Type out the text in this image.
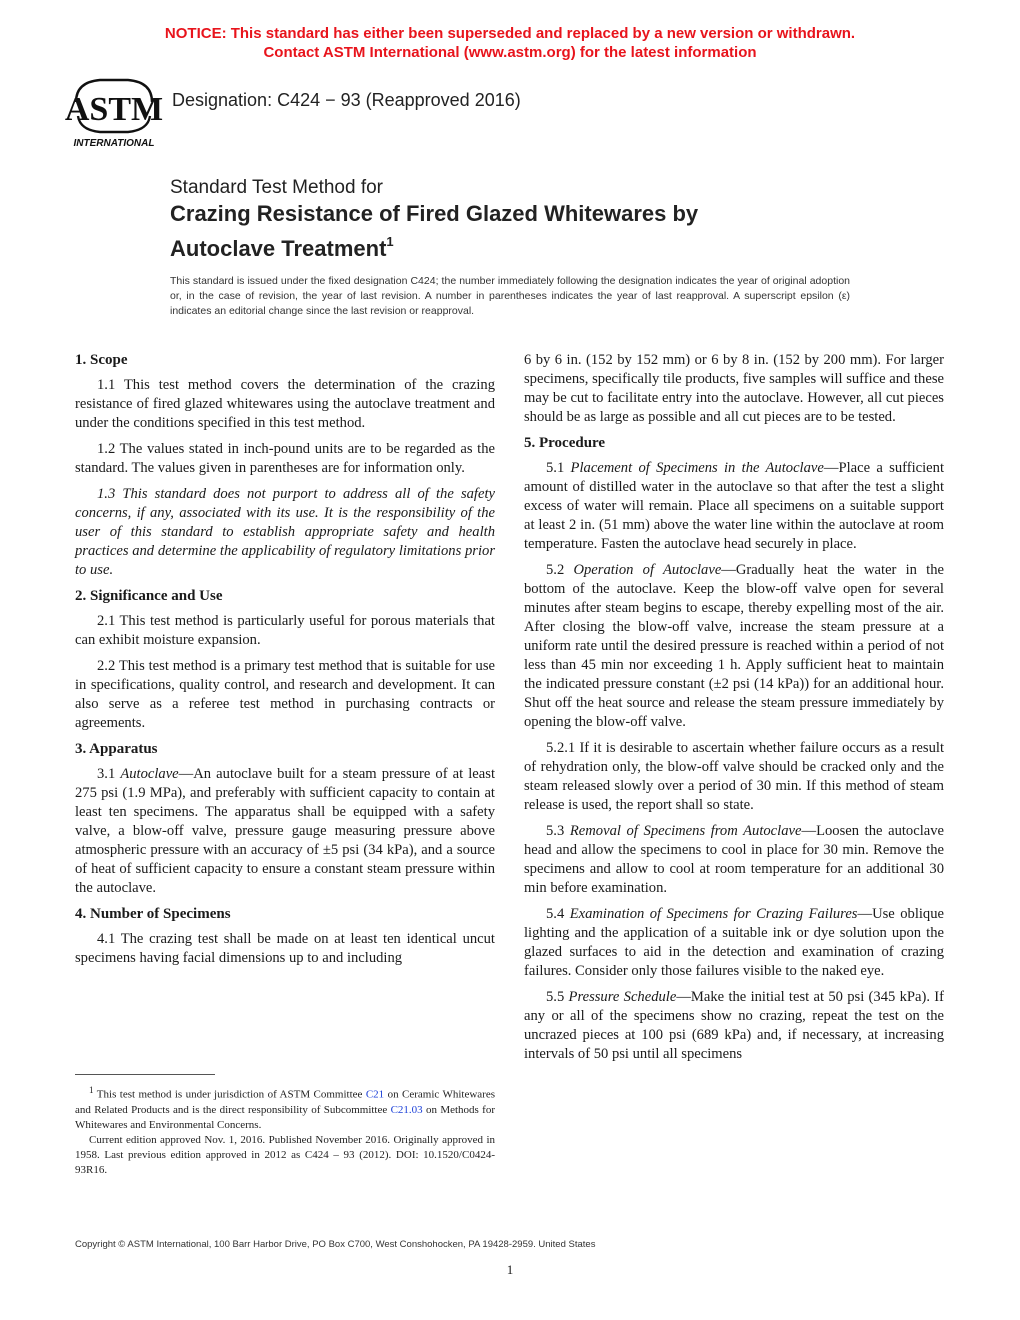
NOTICE: This standard has either been superseded and replaced by a new version or withdrawn.
Contact ASTM International (www.astm.org) for the latest information
ASTM
INTERNATIONAL
Designation: C424 − 93 (Reapproved 2016)
Standard Test Method for
Crazing Resistance of Fired Glazed Whitewares by
Autoclave Treatment$^1$
This standard is issued under the fixed designation C424; the number immediately following the designation indicates the year of original adoption or, in the case of revision, the year of last revision. A number in parentheses indicates the year of last reapproval. A superscript epsilon (ε) indicates an editorial change since the last revision or reapproval.
1. Scope

1.1 This test method covers the determination of the crazing resistance of fired glazed whitewares using the autoclave treatment and under the conditions specified in this test method.

1.2 The values stated in inch-pound units are to be regarded as the standard. The values given in parentheses are for information only.

1.3 This standard does not purport to address all of the safety concerns, if any, associated with its use. It is the responsibility of the user of this standard to establish appropriate safety and health practices and determine the applicability of regulatory limitations prior to use.

2. Significance and Use

2.1 This test method is particularly useful for porous materials that can exhibit moisture expansion.

2.2 This test method is a primary test method that is suitable for use in specifications, quality control, and research and development. It can also serve as a referee test method in purchasing contracts or agreements.

3. Apparatus

3.1 Autoclave—An autoclave built for a steam pressure of at least 275 psi (1.9 MPa), and preferably with sufficient capacity to contain at least ten specimens. The apparatus shall be equipped with a safety valve, a blow-off valve, pressure gauge measuring pressure above atmospheric pressure with an accuracy of ±5 psi (34 kPa), and a source of heat of sufficient capacity to ensure a constant steam pressure within the autoclave.

4. Number of Specimens

4.1 The crazing test shall be made on at least ten identical uncut specimens having facial dimensions up to and including

$^1$ This test method is under jurisdiction of ASTM Committee C21 on Ceramic Whitewares and Related Products and is the direct responsibility of Subcommittee C21.03 on Methods for Whitewares and Environmental Concerns.

Current edition approved Nov. 1, 2016. Published November 2016. Originally approved in 1958. Last previous edition approved in 2012 as C424 – 93 (2012). DOI: 10.1520/C0424-93R16.

6 by 6 in. (152 by 152 mm) or 6 by 8 in. (152 by 200 mm). For larger specimens, specifically tile products, five samples will suffice and these may be cut to facilitate entry into the autoclave. However, all cut pieces should be as large as possible and all cut pieces are to be tested.

5. Procedure

5.1 Placement of Specimens in the Autoclave—Place a sufficient amount of distilled water in the autoclave so that after the test a slight excess of water will remain. Place all specimens on a suitable support at least 2 in. (51 mm) above the water line within the autoclave at room temperature. Fasten the autoclave head securely in place.

5.2 Operation of Autoclave—Gradually heat the water in the bottom of the autoclave. Keep the blow-off valve open for several minutes after steam begins to escape, thereby expelling most of the air. After closing the blow-off valve, increase the steam pressure at a uniform rate until the desired pressure is reached within a period of not less than 45 min nor exceeding 1 h. Apply sufficient heat to maintain the indicated pressure constant (±2 psi (14 kPa)) for an additional hour. Shut off the heat source and release the steam pressure immediately by opening the blow-off valve.

5.2.1 If it is desirable to ascertain whether failure occurs as a result of rehydration only, the blow-off valve should be cracked only and the steam released slowly over a period of 30 min. If this method of steam release is used, the report shall so state.

5.3 Removal of Specimens from Autoclave—Loosen the autoclave head and allow the specimens to cool in place for 30 min. Remove the specimens and allow to cool at room temperature for an additional 30 min before examination.

5.4 Examination of Specimens for Crazing Failures—Use oblique lighting and the application of a suitable ink or dye solution upon the glazed surfaces to aid in the detection and examination of crazing failures. Consider only those failures visible to the naked eye.

5.5 Pressure Schedule—Make the initial test at 50 psi (345 kPa). If any or all of the specimens show no crazing, repeat the test on the uncrazed pieces at 100 psi (689 kPa) and, if necessary, at increasing intervals of 50 psi until all specimens

Copyright © ASTM International, 100 Barr Harbor Drive, PO Box C700, West Conshohocken, PA 19428-2959. United States
1
